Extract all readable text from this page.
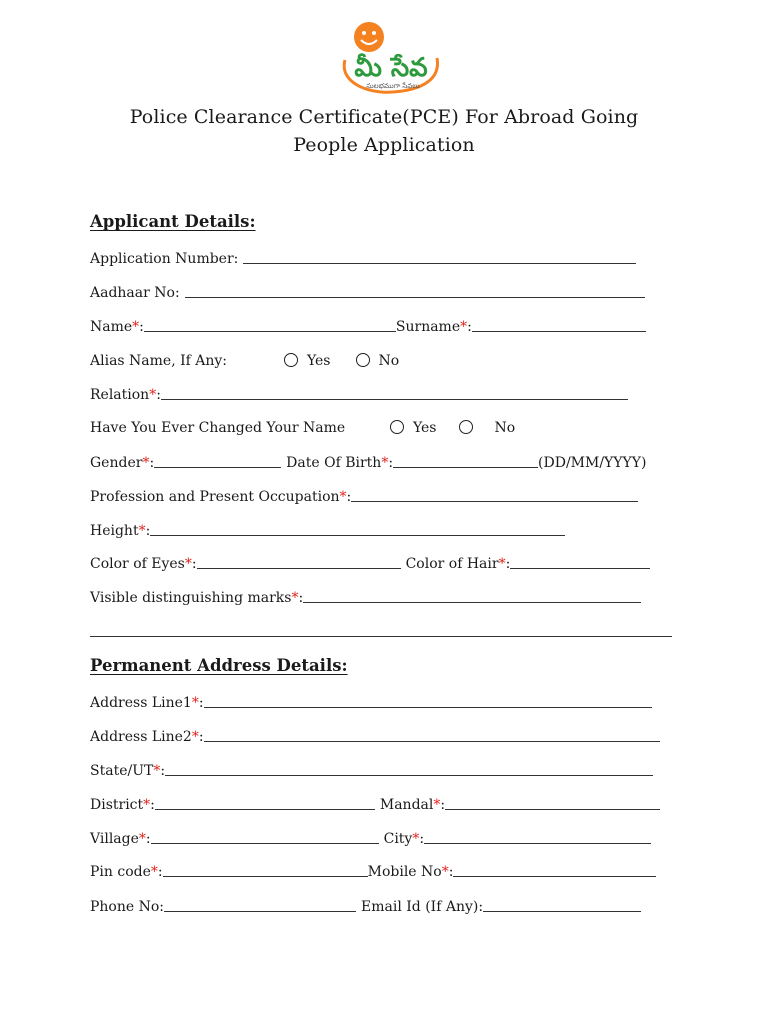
మీ సేవ
సులభముగా సేవలు
Police Clearance Certificate(PCE) For Abroad Going
People Application
Applicant Details:
Application Number:
Aadhaar No:
Name * :	Surname * :
Alias Name, If Any:	Yes	No
Relation * :
Have You Ever Changed Your Name	Yes	No
Gender * :	Date Of Birth * :	(DD/MM/YYYY)
Profession and Present Occupation * :
Height * :
Color of Eyes * :	Color of Hair * :
Visible distinguishing marks * :
Permanent Address Details:
Address Line1 * :
Address Line2 * :
State/UT * :
District * :	Mandal * :
Village * :	City * :
Pin code * :	Mobile No * :
Phone No:	Email Id (If Any):
